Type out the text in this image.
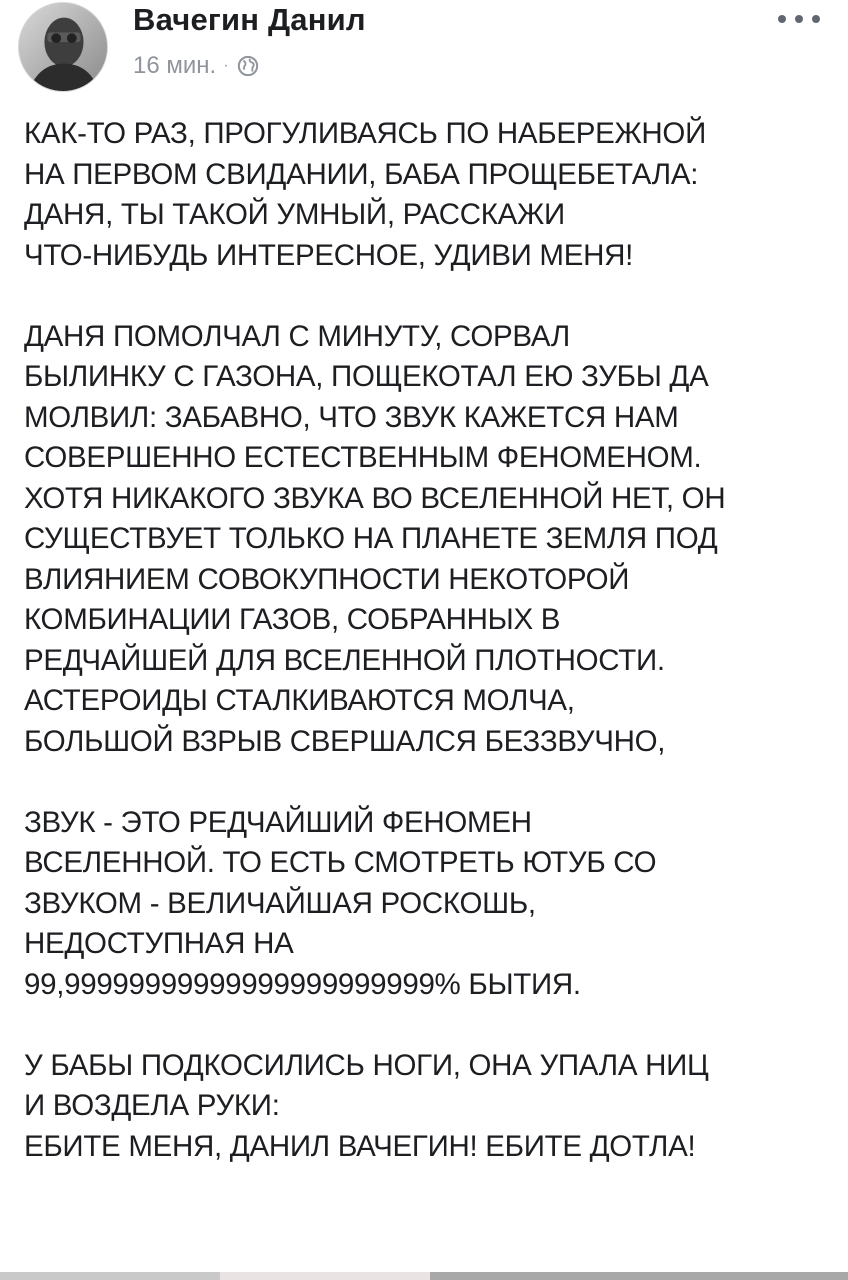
Вачегин Данил
16 мин. ·

КАК-ТО РАЗ, ПРОГУЛИВАЯСЬ ПО НАБЕРЕЖНОЙ
НА ПЕРВОМ СВИДАНИИ, БАБА ПРОЩЕБЕТАЛА:
ДАНЯ, ТЫ ТАКОЙ УМНЫЙ, РАССКАЖИ
ЧТО-НИБУДЬ ИНТЕРЕСНОЕ, УДИВИ МЕНЯ!

ДАНЯ ПОМОЛЧАЛ С МИНУТУ, СОРВАЛ
БЫЛИНКУ С ГАЗОНА, ПОЩЕКОТАЛ ЕЮ ЗУБЫ ДА
МОЛВИЛ: ЗАБАВНО, ЧТО ЗВУК КАЖЕТСЯ НАМ
СОВЕРШЕННО ЕСТЕСТВЕННЫМ ФЕНОМЕНОМ.
ХОТЯ НИКАКОГО ЗВУКА ВО ВСЕЛЕННОЙ НЕТ, ОН
СУЩЕСТВУЕТ ТОЛЬКО НА ПЛАНЕТЕ ЗЕМЛЯ ПОД
ВЛИЯНИЕМ СОВОКУПНОСТИ НЕКОТОРОЙ
КОМБИНАЦИИ ГАЗОВ, СОБРАННЫХ В
РЕДЧАЙШЕЙ ДЛЯ ВСЕЛЕННОЙ ПЛОТНОСТИ.
АСТЕРОИДЫ СТАЛКИВАЮТСЯ МОЛЧА,
БОЛЬШОЙ ВЗРЫВ СВЕРШАЛСЯ БЕЗЗВУЧНО,

ЗВУК - ЭТО РЕДЧАЙШИЙ ФЕНОМЕН
ВСЕЛЕННОЙ. ТО ЕСТЬ СМОТРЕТЬ ЮТУБ СО
ЗВУКОМ - ВЕЛИЧАЙШАЯ РОСКОШЬ,
НЕДОСТУПНАЯ НА
99,99999999999999999999999% БЫТИЯ.

У БАБЫ ПОДКОСИЛИСЬ НОГИ, ОНА УПАЛА НИЦ
И ВОЗДЕЛА РУКИ:
ЕБИТЕ МЕНЯ, ДАНИЛ ВАЧЕГИН! ЕБИТЕ ДОТЛА!
